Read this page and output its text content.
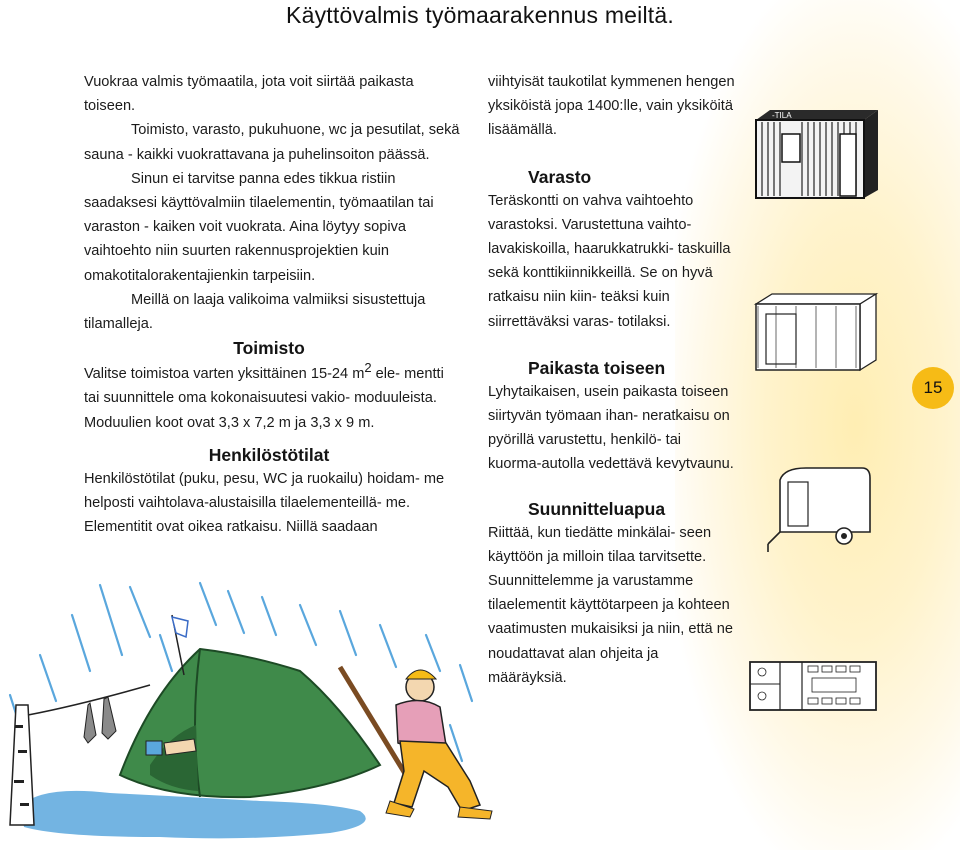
Käyttövalmis työmaarakennus meiltä.

Vuokraa valmis työmaatila, jota voit siirtää paikasta toiseen.

Toimisto, varasto, pukuhuone, wc ja pesutilat, sekä sauna - kaikki vuokrattavana ja puhelinsoiton päässä.

Sinun ei tarvitse panna edes tikkua ristiin saadaksesi käyttövalmiin tilaelementin, työmaatilan tai varaston - kaiken voit vuokrata. Aina löytyy sopiva vaihtoehto niin suurten rakennusprojektien kuin omakotitalorakentajienkin tarpeisiin.

Meillä on laaja valikoima valmiiksi sisustettuja tilamalleja.

Toimisto

Valitse toimistoa varten yksittäinen 15-24 $m^2$ ele- mentti tai suunnittele oma kokonaisuutesi vakio- moduuleista. Moduulien koot ovat 3,3 x 7,2 m ja 3,3 x 9 m.

Henkilöstötilat

Henkilöstötilat (puku, pesu, WC ja ruokailu) hoidam- me helposti vaihtolava-alustaisilla tilaelementeillä- me. Elementitit ovat oikea ratkaisu. Niillä saadaan

viihtyisät taukotilat kymmenen hengen yksiköistä jopa 1400:lle, vain yksiköitä lisäämällä.

Varasto

Teräskontti on vahva vaihtoehto varastoksi. Varustettuna vaihto- lavakiskoilla, haarukkatrukki- taskuilla sekä konttikiinnikkeillä. Se on hyvä ratkaisu niin kiin- teäksi kuin siirrettäväksi varas- totilaksi.

Paikasta toiseen

Lyhytaikaisen, usein paikasta toiseen siirtyvän työmaan ihan- neratkaisu on pyörillä varustettu, henkilö- tai kuorma-autolla vedettävä kevytvaunu.

Suunnitteluapua

Riittää, kun tiedätte minkälai- seen käyttöön ja milloin tilaa tarvitsette. Suunnittelemme ja varustamme tilaelementit käyttötarpeen ja kohteen vaatimusten mukaisiksi ja niin, että ne noudattavat alan ohjeita ja määräyksiä.

15
-TILA
